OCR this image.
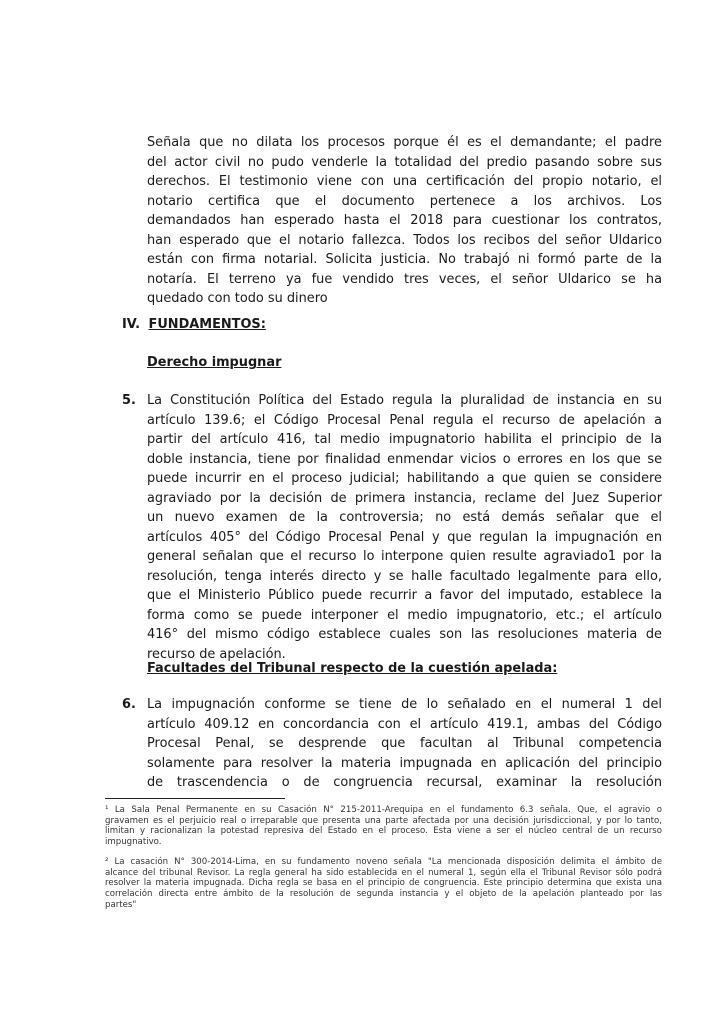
Señala que no dilata los procesos porque él es el demandante; el padre
del actor civil no pudo venderle la totalidad del predio pasando sobre sus
derechos. El testimonio viene con una certificación del propio notario, el
notario certifica que el documento pertenece a los archivos. Los
demandados han esperado hasta el 2018 para cuestionar los contratos,
han esperado que el notario fallezca. Todos los recibos del señor Uldarico
están con firma notarial. Solicita justicia. No trabajó ni formó parte de la
notaría. El terreno ya fue vendido tres veces, el señor Uldarico se ha
quedado con todo su dinero
IV. FUNDAMENTOS:
Derecho impugnar
5. La Constitución Política del Estado regula la pluralidad de instancia en su
artículo 139.6; el Código Procesal Penal regula el recurso de apelación a
partir del artículo 416, tal medio impugnatorio habilita el principio de la
doble instancia, tiene por finalidad enmendar vicios o errores en los que se
puede incurrir en el proceso judicial; habilitando a que quien se considere
agraviado por la decisión de primera instancia, reclame del Juez Superior
un nuevo examen de la controversia; no está demás señalar que el
artículos 405° del Código Procesal Penal y que regulan la impugnación en
general señalan que el recurso lo interpone quien resulte agraviado1 por la
resolución, tenga interés directo y se halle facultado legalmente para ello,
que el Ministerio Público puede recurrir a favor del imputado, establece la
forma como se puede interponer el medio impugnatorio, etc.; el artículo
416° del mismo código establece cuales son las resoluciones materia de
recurso de apelación.
Facultades del Tribunal respecto de la cuestión apelada:
6. La impugnación conforme se tiene de lo señalado en el numeral 1 del
artículo 409.12 en concordancia con el artículo 419.1, ambas del Código
Procesal Penal, se desprende que facultan al Tribunal competencia
solamente para resolver la materia impugnada en aplicación del principio
de trascendencia o de congruencia recursal, examinar la resolución
¹ La Sala Penal Permanente en su Casación N° 215-2011-Arequipa en el fundamento 6.3 señala. Que, el agravio o
gravamen es el perjuicio real o irreparable que presenta una parte afectada por una decisión jurisdiccional, y por lo tanto,
limitan y racionalizan la potestad represiva del Estado en el proceso. Esta viene a ser el núcleo central de un recurso
impugnativo.
² La casación N° 300-2014-Lima, en su fundamento noveno señala "La mencionada disposición delimita el ámbito de
alcance del tribunal Revisor. La regla general ha sido establecida en el numeral 1, según ella el Tribunal Revisor sólo podrá
resolver la materia impugnada. Dicha regla se basa en el principio de congruencia. Este principio determina que exista una
correlación directa entre ámbito de la resolución de segunda instancia y el objeto de la apelación planteado por las
partes"
